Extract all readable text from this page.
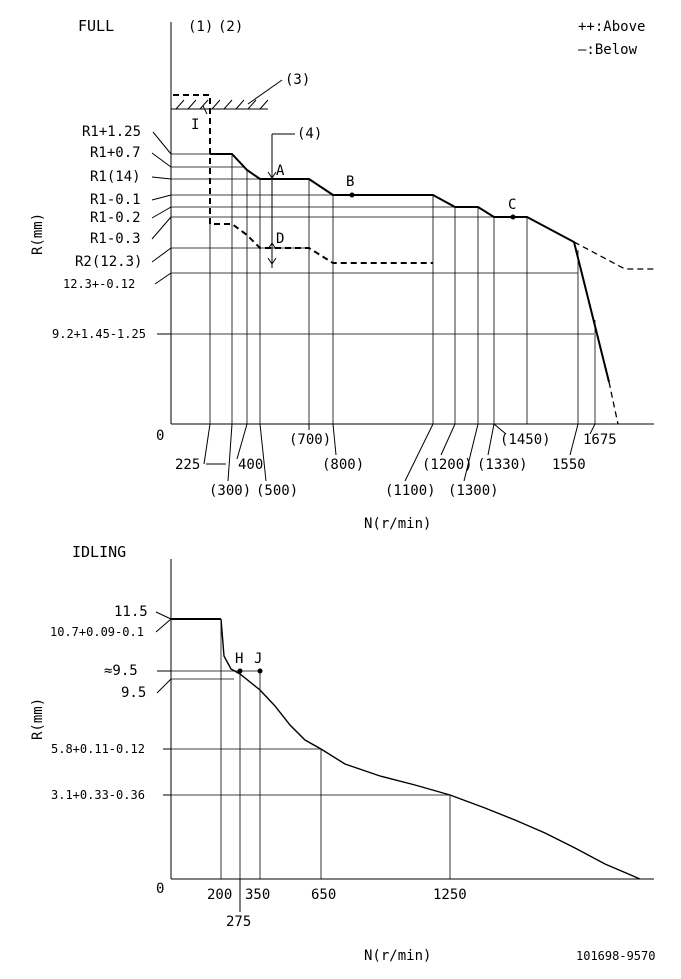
FULL	(1) (2)	++:Above
—:Below
(3)
(4)
I
A
B
C
D
R1+1.25
R1+0.7
R1(14)
R1-0.1
R1-0.2
R1-0.3
R2(12.3)
12.3+-0.12
9.2+1.45-1.25
0
R(mm)
(700)	(1450) 1675
225	400	(800)	(1200) (1330) 1550
(300) (500)	(1100) (1300)
N(r/min)
IDLING
H J
11.5
10.7+0.09-0.1
≈9.5
9.5
5.8+0.11-0.12
3.1+0.33-0.36
0
R(mm)
200 350	650	1250
275
N(r/min)	101698-9570
